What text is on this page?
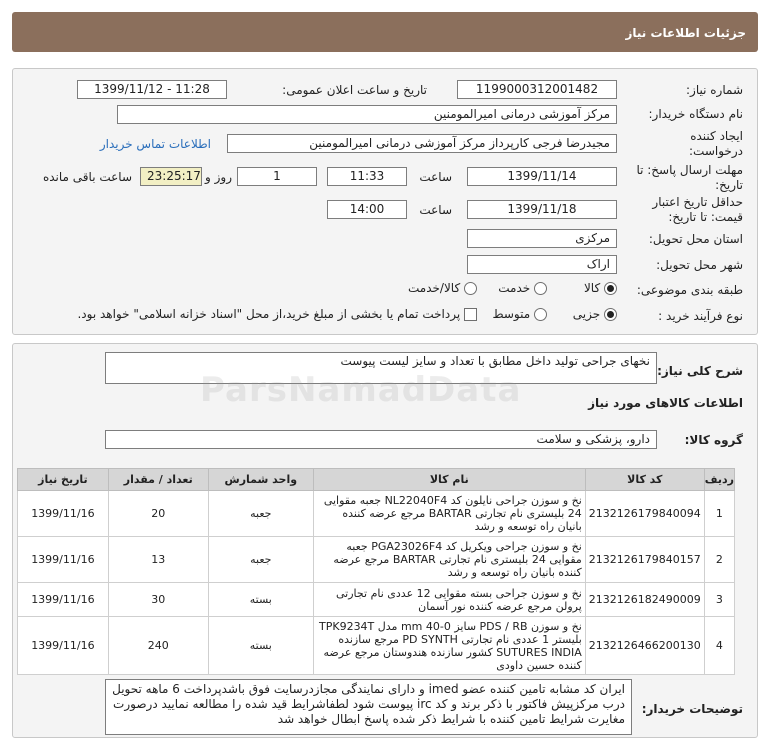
جزئیات اطلاعات نیاز
شماره نیاز:
1199000312001482
تاریخ و ساعت اعلان عمومی:
1399/11/12 - 11:28
نام دستگاه خریدار:
مرکز آموزشی درمانی امیرالمومنین
ایجاد کننده درخواست:
مجیدرضا فرجی کارپرداز مرکز آموزشی درمانی امیرالمومنین
اطلاعات تماس خریدار
مهلت ارسال پاسخ: تا تاریخ:
1399/11/14
ساعت
11:33
1
روز و
23:25:17
ساعت باقی مانده
حداقل تاریخ اعتبار قیمت: تا تاریخ:
1399/11/18
ساعت
14:00
استان محل تحویل:
مرکزی
شهر محل تحویل:
اراک
طبقه بندی موضوعی:
کالا
خدمت
کالا/خدمت
نوع فرآیند خرید :
جزیی
متوسط
پرداخت تمام یا بخشی از مبلغ خرید،از محل "اسناد خزانه اسلامی" خواهد بود.
شرح کلی نیاز:
نخهای جراحی تولید داخل مطابق با تعداد و سایز لیست پیوست
اطلاعات کالاهای مورد نیاز
گروه کالا:
دارو، پزشکی و سلامت
توضیحات خریدار:
ایران کد مشابه تامین کننده عضو imed و دارای نمایندگی مجازدرسایت فوق باشدپرداخت 6 ماهه تحویل درب مرکزپیش فاکتور با ذکر برند و کد irc پیوست شود لطفاشرایط قید شده را مطالعه نمایید درصورت مغایرت شرایط تامین کننده با شرایط ذکر شده پاسخ ابطال خواهد شد
ردیف	کد کالا	نام کالا	واحد شمارش	تعداد / مقدار	تاریخ نیاز
1	2132126179840094	نخ و سوزن جراحی نایلون کد NL22040F4 جعبه مقوایی 24 بلیستری نام تجارتی BARTAR مرجع عرضه کننده بانیان راه توسعه و رشد	جعبه	20	1399/11/16
2	2132126179840157	نخ و سوزن جراحی ویکریل کد PGA23026F4 جعبه مقوایی 24 بلیستری نام تجارتی BARTAR مرجع عرضه کننده بانیان راه توسعه و رشد	جعبه	13	1399/11/16
3	2132126182490009	نخ و سوزن جراحی بسته مقوایی 12 عددی نام تجارتی پرولن مرجع عرضه کننده نور آسمان	بسته	30	1399/11/16
4	2132126466200130	نخ و سوزن PDS / RB سایز mm 40-0 مدل TPK9234T بلیستر 1 عددی نام تجارتی PD SYNTH مرجع سازنده SUTURES INDIA کشور سازنده هندوستان مرجع عرضه کننده حسین داودی	بسته	240	1399/11/16
